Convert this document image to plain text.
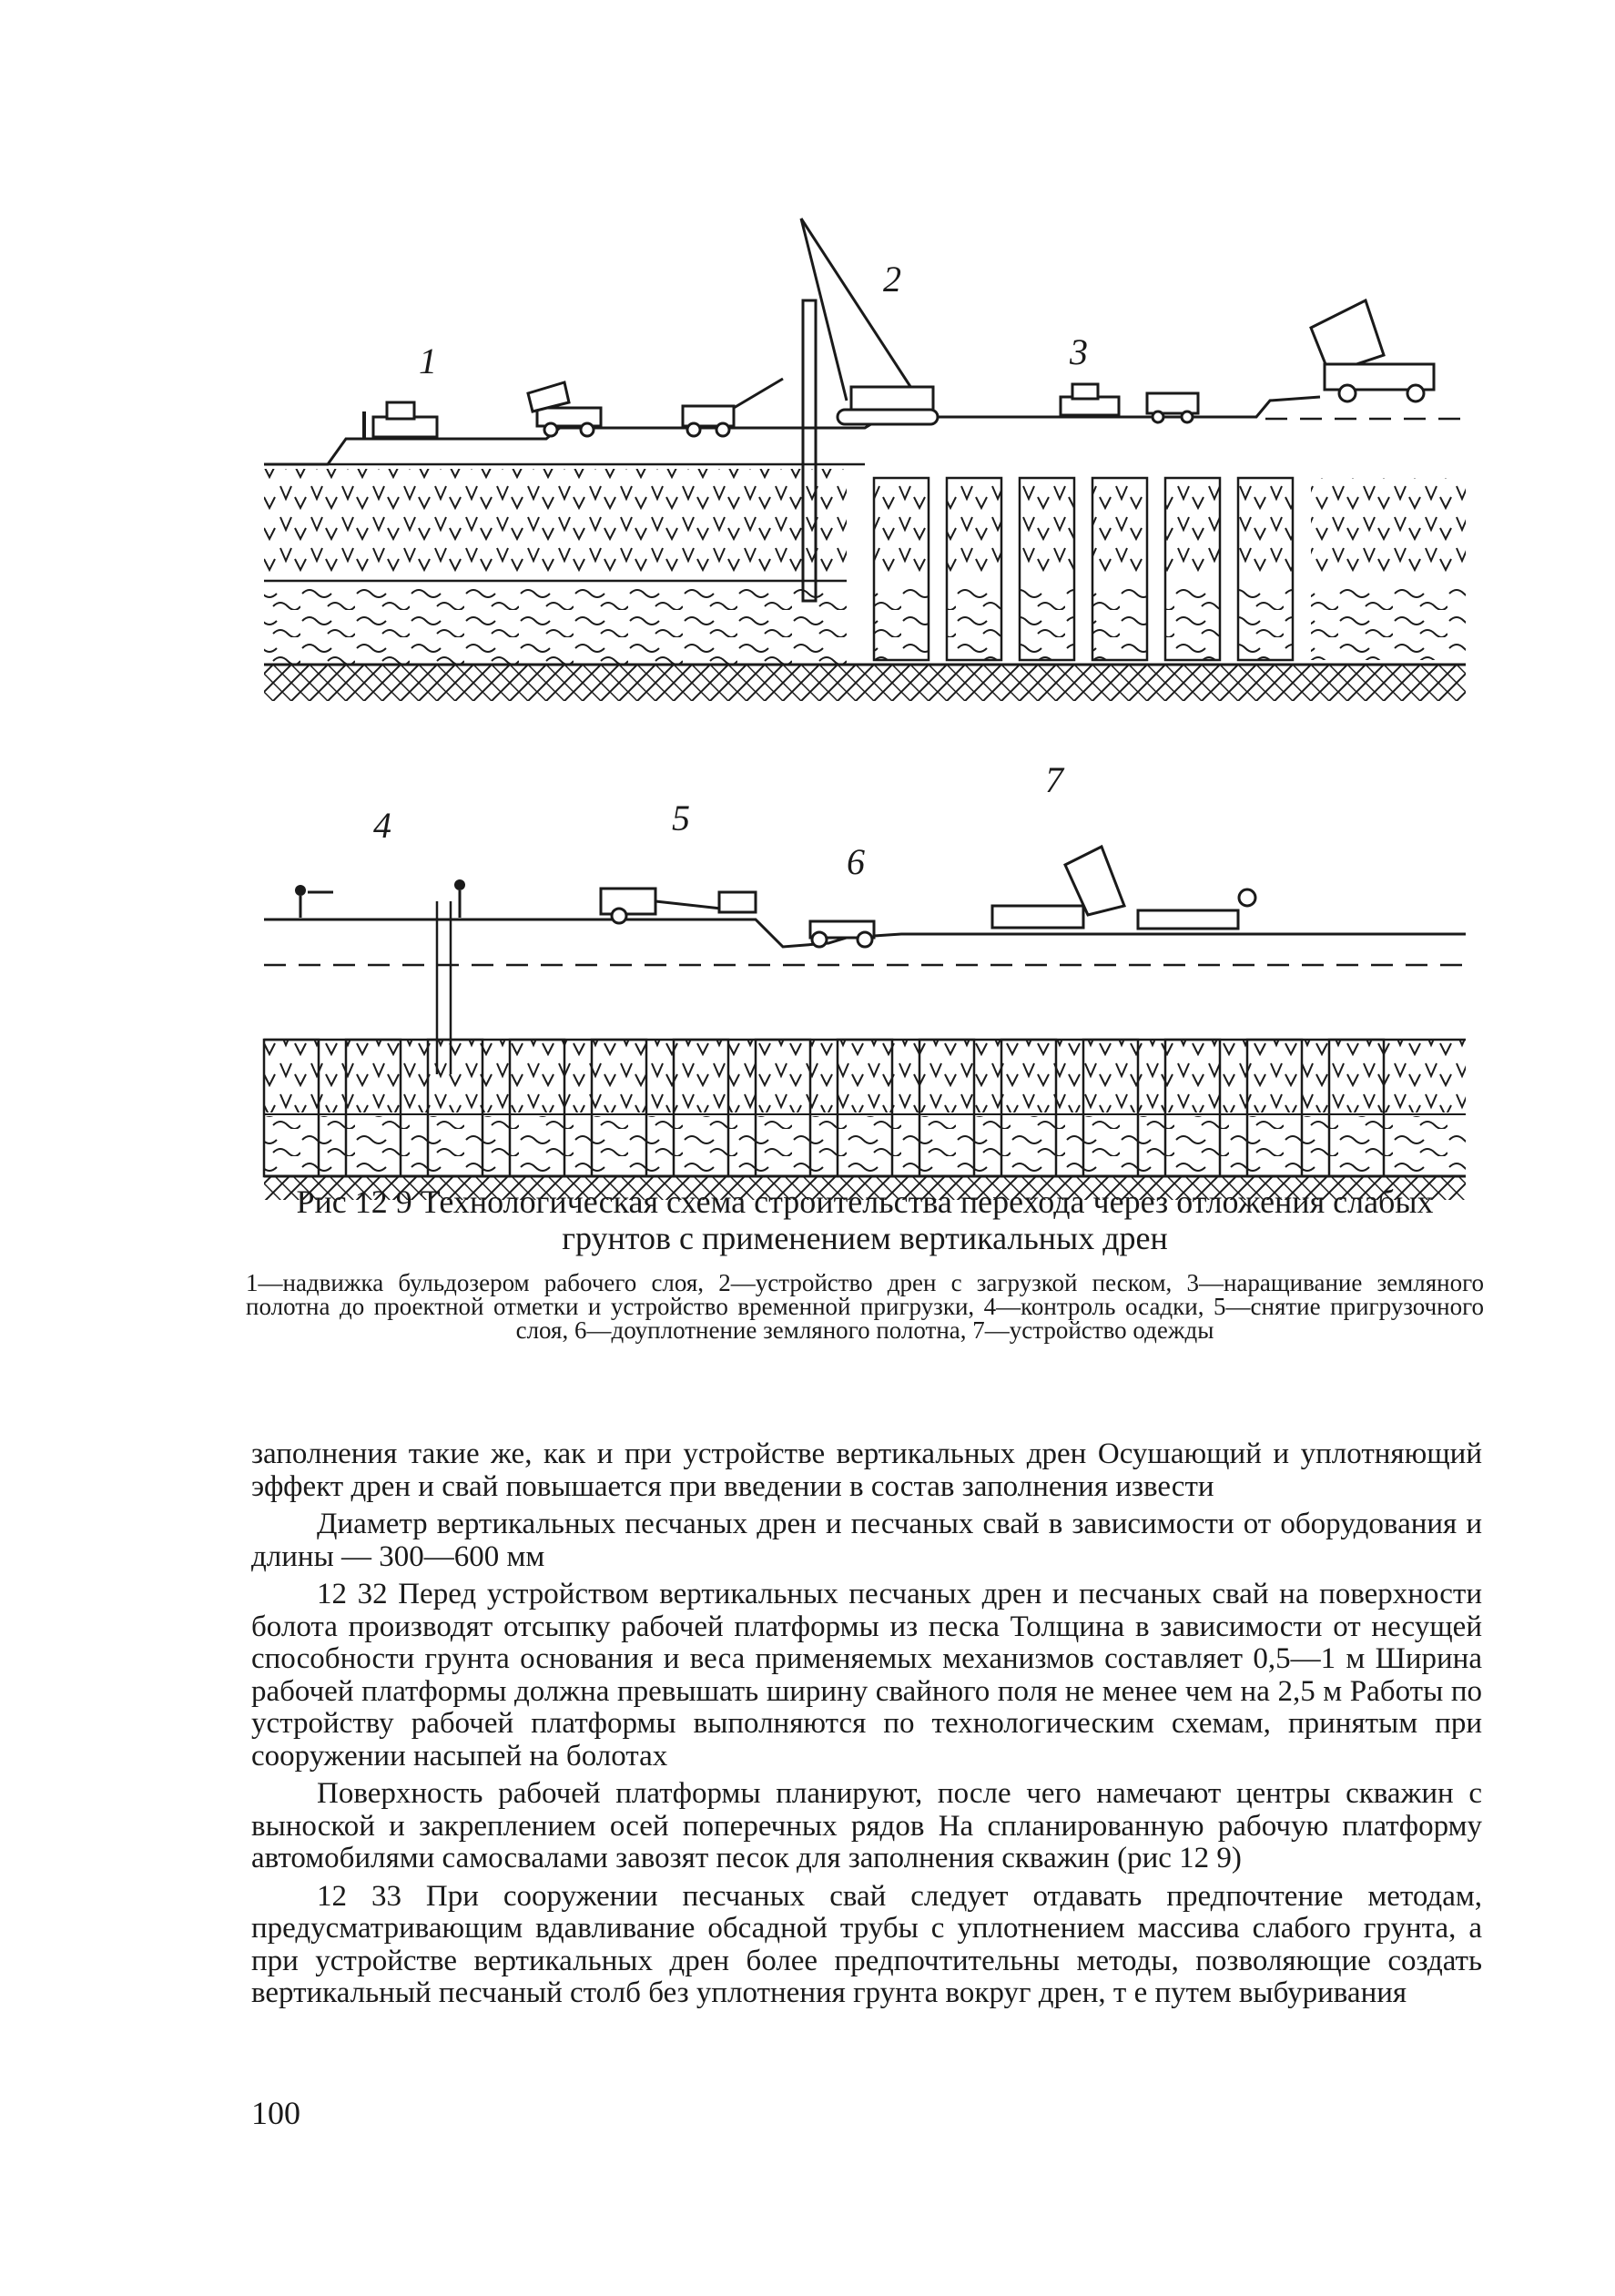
1
2
3
4	5
6
7

Рис 12 9 Технологическая схема строительства перехода через отложения слабых грунтов с применением вертикальных дрен

1—надвижка бульдозером рабочего слоя, 2—устройство дрен с загрузкой песком, 3—наращивание земляного полотна до проектной отметки и устройство временной пригрузки, 4—контроль осадки, 5—снятие пригрузочного слоя, 6—доуплотнение земляного полотна, 7—устройство одежды

заполнения такие же, как и при устройстве вертикальных дрен Осушающий и уплотняющий эффект дрен и свай повышается при введении в состав заполнения извести

Диаметр вертикальных песчаных дрен и песчаных свай в зависимости от оборудования и длины — 300—600 мм

12 32 Перед устройством вертикальных песчаных дрен и песчаных свай на поверхности болота производят отсыпку рабочей платформы из песка Толщина в зависимости от несущей способности грунта основания и веса применяемых механизмов составляет 0,5—1 м Ширина рабочей платформы должна превышать ширину свайного поля не менее чем на 2,5 м Работы по устройству рабочей платформы выполняются по технологическим схемам, принятым при сооружении насыпей на болотах

Поверхность рабочей платформы планируют, после чего намечают центры скважин с выноской и закреплением осей поперечных рядов На спланированную рабочую платформу автомобилями самосвалами завозят песок для заполнения скважин (рис 12 9)

12 33 При сооружении песчаных свай следует отдавать предпочтение методам, предусматривающим вдавливание обсадной трубы с уплотнением массива слабого грунта, а при устройстве вертикальных дрен более предпочтительны методы, позволяющие создать вертикальный песчаный столб без уплотнения грунта вокруг дрен, т е путем выбуривания

100
